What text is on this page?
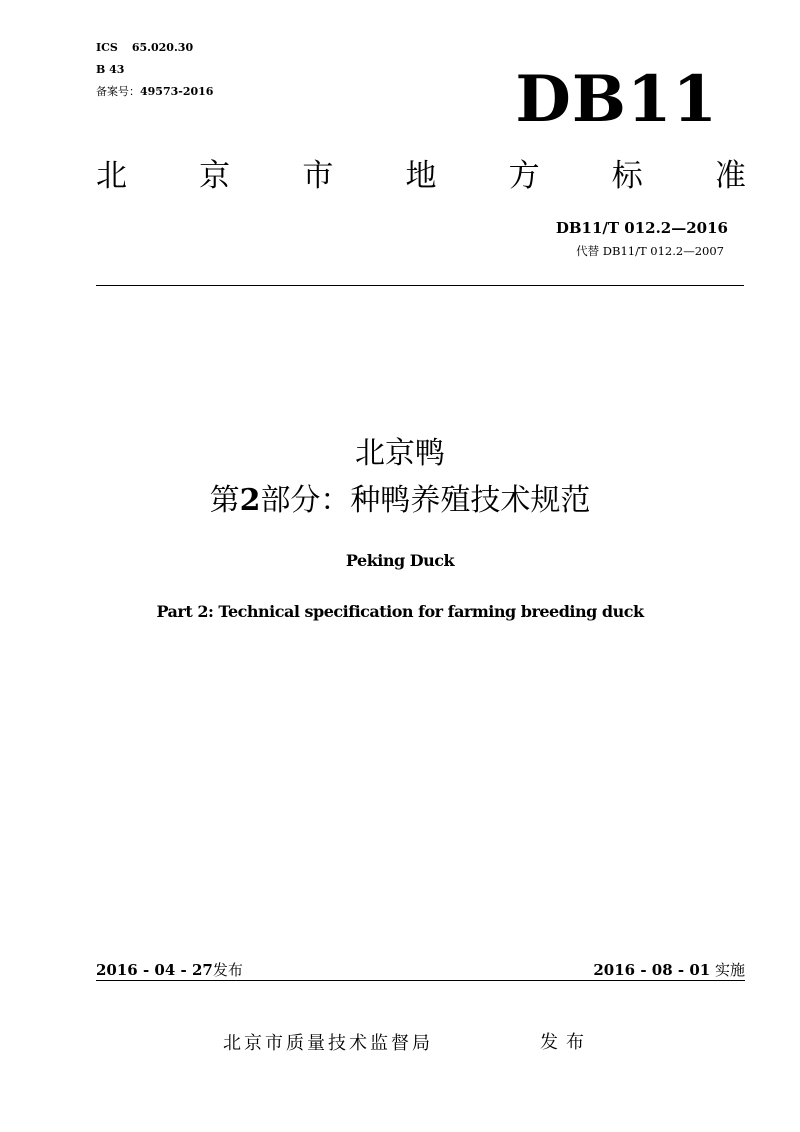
ICS 65.020.30
B 43
备案号：49573-2016	DB11
北 京 市 地 方 标 准
DB11/T 012.2—2016
代替 DB11/T 012.2—2007
北京鸭
第2部分：种鸭养殖技术规范
Peking Duck
Part 2: Technical specification for farming breeding duck
2016 - 04 - 27发布	2016 - 08 - 01 实施
北京市质量技术监督局	发布
